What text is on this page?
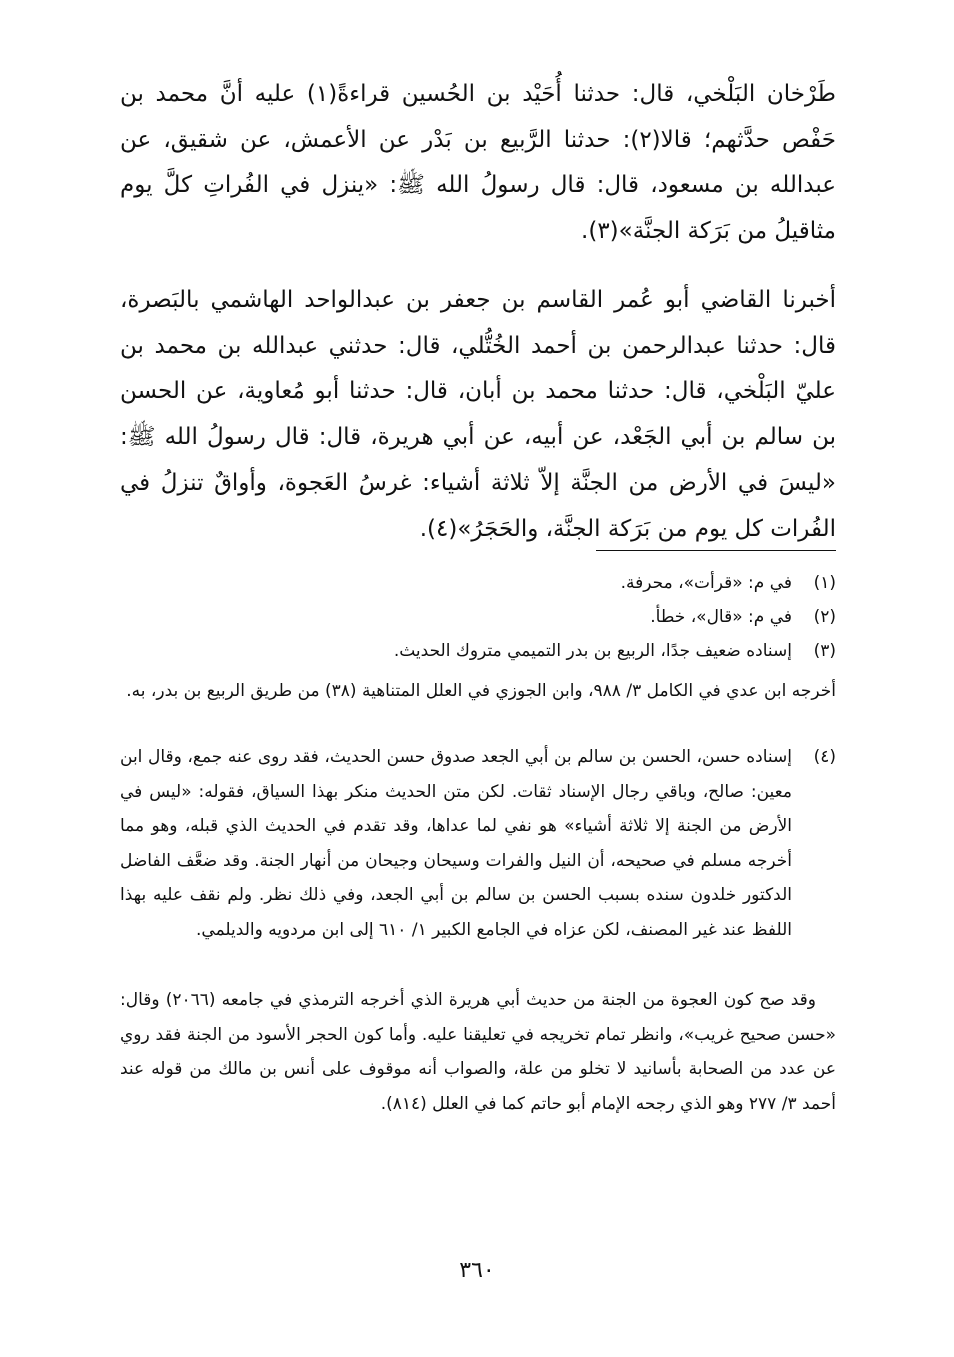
طَرْخان البَلْخي، قال: حدثنا أُحَيْد بن الحُسين قراءةً(١) عليه أنَّ محمد بن حَفْص حدَّثهم؛ قالا(٢): حدثنا الرَّبيع بن بَدْر عن الأعمش، عن شقيق، عن عبدالله بن مسعود، قال: قال رسولُ الله ﷺ: «ينزل في الفُراتِ كلَّ يوم مثاقيلُ من بَرَكة الجنَّة»(٣).

أخبرنا القاضي أبو عُمر القاسم بن جعفر بن عبدالواحد الهاشمي بالبَصرة، قال: حدثنا عبدالرحمن بن أحمد الخُتُّلي، قال: حدثني عبدالله بن محمد بن عليّ البَلْخي، قال: حدثنا محمد بن أبان، قال: حدثنا أبو مُعاوية، عن الحسن بن سالم بن أبي الجَعْد، عن أبيه، عن أبي هريرة، قال: قال رسولُ الله ﷺ: «ليسَ في الأرض من الجنَّة إلاّ ثلاثة أشياء: غرسُ العَجوة، وأواقٌ تنزلُ في الفُرات كل يوم من بَرَكة الجنَّة، والحَجَرُ»(٤).

(١)
في م: «قرأت»، محرفة.
(٢)
في م: «قال»، خطأ.
(٣)
إسناده ضعيف جدًا، الربيع بن بدر التميمي متروك الحديث.
أخرجه ابن عدي في الكامل ٣/ ٩٨٨، وابن الجوزي في العلل المتناهية (٣٨) من طريق الربيع بن بدر، به.
(٤)
إسناده حسن، الحسن بن سالم بن أبي الجعد صدوق حسن الحديث، فقد روى عنه جمع، وقال ابن معين: صالح، وباقي رجال الإسناد ثقات. لكن متن الحديث منكر بهذا السياق، فقوله: «ليس في الأرض من الجنة إلا ثلاثة أشياء» هو نفي لما عداها، وقد تقدم في الحديث الذي قبله، وهو مما أخرجه مسلم في صحيحه، أن النيل والفرات وسيحان وجيحان من أنهار الجنة. وقد ضعَّف الفاضل الدكتور خلدون سنده بسبب الحسن بن سالم بن أبي الجعد، وفي ذلك نظر. ولم نقف عليه بهذا اللفظ عند غير المصنف، لكن عزاه في الجامع الكبير ١/ ٦١٠ إلى ابن مردويه والديلمي.
وقد صح كون العجوة من الجنة من حديث أبي هريرة الذي أخرجه الترمذي في جامعه (٢٠٦٦) وقال: «حسن صحيح غريب»، وانظر تمام تخريجه في تعليقنا عليه. وأما كون الحجر الأسود من الجنة فقد روي عن عدد من الصحابة بأسانيد لا تخلو من علة، والصواب أنه موقوف على أنس بن مالك من قوله عند أحمد ٣/ ٢٧٧ وهو الذي رجحه الإمام أبو حاتم كما في العلل (٨١٤).
٣٦٠
